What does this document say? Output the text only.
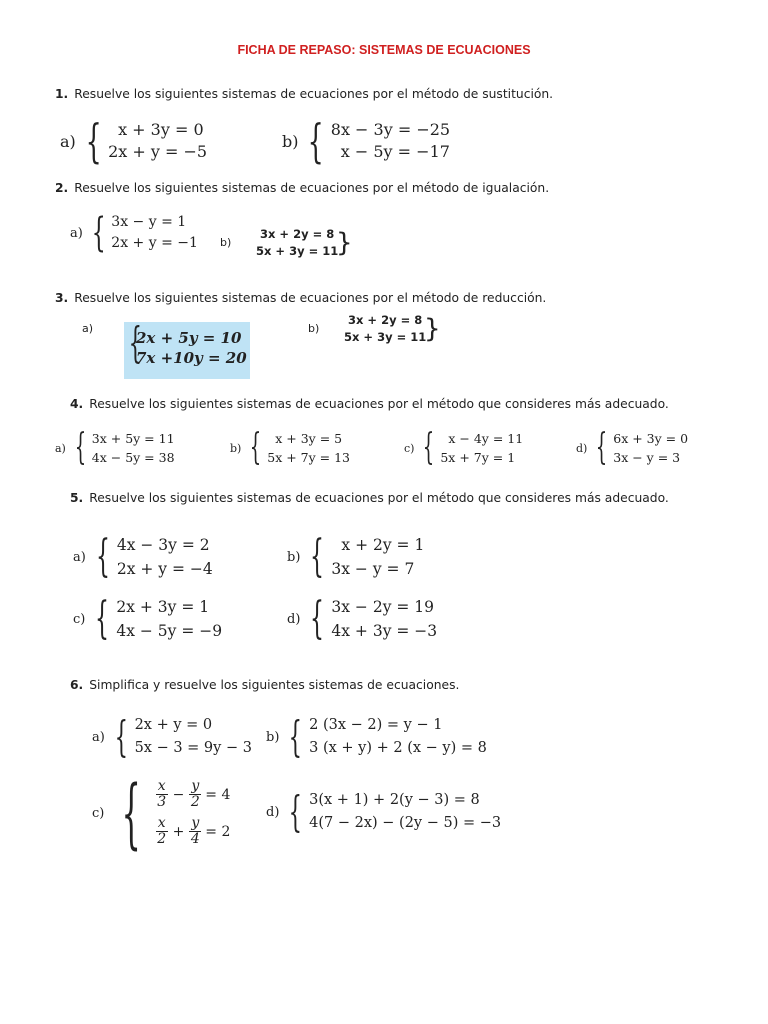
FICHA DE REPASO: SISTEMAS DE ECUACIONES
1. Resuelve los siguientes sistemas de ecuaciones por el método de sustitución.
a) {	x + 3y = 0
2x + y = −5
b) { 8x − 3y = −25
x − 5y = −17
2. Resuelve los siguientes sistemas de ecuaciones por el método de igualación.
a) { 3x − y = 1
2x + y = −1 b)
3x + 2y = 8
5x + 3y = 11
}
3. Resuelve los siguientes sistemas de ecuaciones por el método de reducción.
a) {
2x + 5y = 10
7x +10y = 20
b)
3x + 2y = 8
5x + 3y = 11
}
4. Resuelve los siguientes sistemas de ecuaciones por el método que consideres más adecuado.
a) { 3x + 5y = 11
4x − 5y = 38
b) {	x + 3y = 5
5x + 7y = 13
c) {	x − 4y = 11
5x + 7y = 1
d) { 6x + 3y = 0
3x − y = 3
5. Resuelve los siguientes sistemas de ecuaciones por el método que consideres más adecuado.
a) { 4x − 3y = 2
2x + y = −4
b) {	x + 2y = 1
3x − y = 7
c) { 2x + 3y = 1
4x − 5y = −9
d) { 3x − 2y = 19
4x + 3y = −3
6. Simplifica y resuelve los siguientes sistemas de ecuaciones.
a) { 2x + y = 0
5x − 3 = 9y − 3
b) { 2 (3x − 2) = y − 1
3 (x + y) + 2 (x − y) = 8
c) { $\frac{x}{3} - \frac{y}{2} = 4$
$\frac{x}{2} + \frac{y}{4} = 2$
d) { 3(x + 1) + 2(y − 3) = 8
4(7 − 2x) − (2y − 5) = −3
